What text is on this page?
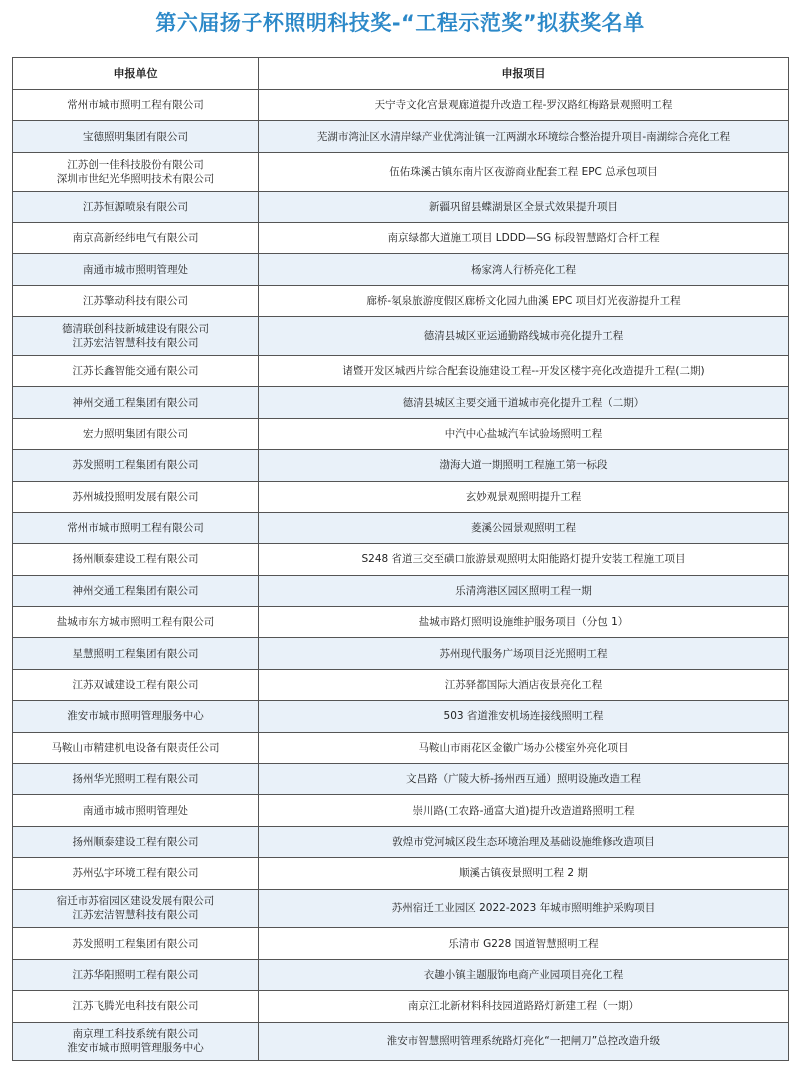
第六届扬子杯照明科技奖-“工程示范奖”拟获奖名单
申报单位	申报项目

常州市城市照明工程有限公司	天宁寺文化宫景观廊道提升改造工程-罗汉路红梅路景观照明工程

宝德照明集团有限公司	芜湖市湾沚区水清岸绿产业优湾沚镇一江两湖水环境综合整治提升项目-南湖综合亮化工程

江苏创一佳科技股份有限公司
深圳市世纪光华照明技术有限公司	伍佑珠溪古镇东南片区夜游商业配套工程 EPC 总承包项目

江苏恒源喷泉有限公司	新疆巩留县蝶湖景区全景式效果提升项目

南京高新经纬电气有限公司	南京绿都大道施工项目 LDDD—SG 标段智慧路灯合杆工程

南通市城市照明管理处	杨家湾人行桥亮化工程

江苏擎动科技有限公司	廊桥-氡泉旅游度假区廊桥文化园九曲溪 EPC 项目灯光夜游提升工程

德清联创科技新城建设有限公司
江苏宏洁智慧科技有限公司	德清县城区亚运通勤路线城市亮化提升工程

江苏长鑫智能交通有限公司	诸暨开发区城西片综合配套设施建设工程--开发区楼宇亮化改造提升工程(二期)

神州交通工程集团有限公司	德清县城区主要交通干道城市亮化提升工程（二期）

宏力照明集团有限公司	中汽中心盐城汽车试验场照明工程

苏发照明工程集团有限公司	渤海大道一期照明工程施工第一标段

苏州城投照明发展有限公司	玄妙观景观照明提升工程

常州市城市照明工程有限公司	菱溪公园景观照明工程

扬州顺泰建设工程有限公司	S248 省道三交至磺口旅游景观照明太阳能路灯提升安装工程施工项目

神州交通工程集团有限公司	乐清湾港区园区照明工程一期

盐城市东方城市照明工程有限公司	盐城市路灯照明设施维护服务项目（分包 1）

星慧照明工程集团有限公司	苏州现代服务广场项目泛光照明工程

江苏双诚建设工程有限公司	江苏驿都国际大酒店夜景亮化工程

淮安市城市照明管理服务中心	503 省道淮安机场连接线照明工程

马鞍山市精建机电设备有限责任公司	马鞍山市雨花区金徽广场办公楼室外亮化项目

扬州华光照明工程有限公司	文昌路（广陵大桥-扬州西互通）照明设施改造工程

南通市城市照明管理处	崇川路(工农路-通富大道)提升改造道路照明工程

扬州顺泰建设工程有限公司	敦煌市党河城区段生态环境治理及基础设施维修改造项目

苏州弘宇环境工程有限公司	顺溪古镇夜景照明工程 2 期

宿迁市苏宿园区建设发展有限公司
江苏宏洁智慧科技有限公司	苏州宿迁工业园区 2022-2023 年城市照明维护采购项目

苏发照明工程集团有限公司	乐清市 G228 国道智慧照明工程

江苏华阳照明工程有限公司	衣趣小镇主题服饰电商产业园项目亮化工程

江苏飞腾光电科技有限公司	南京江北新材料科技园道路路灯新建工程（一期）

南京理工科技系统有限公司
淮安市城市照明管理服务中心	淮安市智慧照明管理系统路灯亮化“一把闸刀”总控改造升级
